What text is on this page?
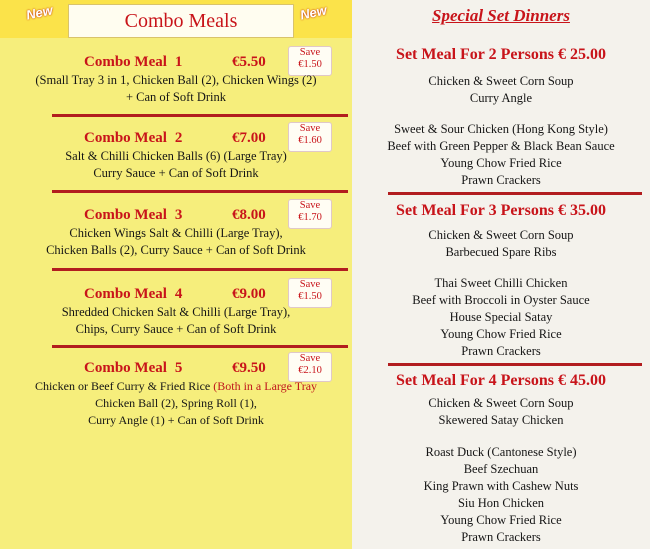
New	New
Combo Meals
Combo Meal 1	€5.50
Save
€1.50
(Small Tray 3 in 1, Chicken Ball (2), Chicken Wings (2)
+ Can of Soft Drink
Combo Meal 2	€7.00
Save
€1.60
Salt & Chilli Chicken Balls (6) (Large Tray)
Curry Sauce + Can of Soft Drink
Combo Meal 3	€8.00
Save
€1.70
Chicken Wings Salt & Chilli (Large Tray),
Chicken Balls (2), Curry Sauce + Can of Soft Drink
Combo Meal 4	€9.00
Save
€1.50
Shredded Chicken Salt & Chilli (Large Tray),
Chips, Curry Sauce + Can of Soft Drink
Combo Meal 5	€9.50
Save
€2.10
Chicken or Beef Curry & Fried Rice (Both in a Large Tray
Chicken Ball (2), Spring Roll (1),
Curry Angle (1) + Can of Soft Drink
Special Set Dinners
Set Meal For 2 Persons € 25.00
Chicken & Sweet Corn Soup
Curry Angle
Sweet & Sour Chicken (Hong Kong Style)
Beef with Green Pepper & Black Bean Sauce
Young Chow Fried Rice
Prawn Crackers
Set Meal For 3 Persons € 35.00
Chicken & Sweet Corn Soup
Barbecued Spare Ribs
Thai Sweet Chilli Chicken
Beef with Broccoli in Oyster Sauce
House Special Satay
Young Chow Fried Rice
Prawn Crackers
Set Meal For 4 Persons € 45.00
Chicken & Sweet Corn Soup
Skewered Satay Chicken
Roast Duck (Cantonese Style)
Beef Szechuan
King Prawn with Cashew Nuts
Siu Hon Chicken
Young Chow Fried Rice
Prawn Crackers
